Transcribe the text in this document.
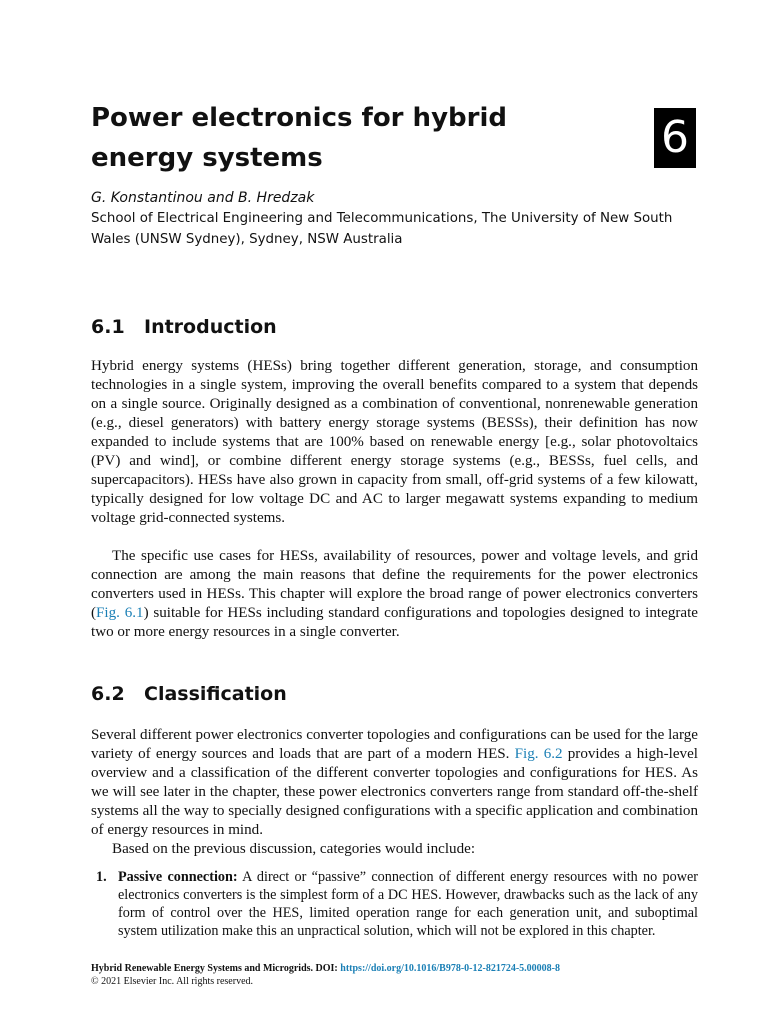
Power electronics for hybrid energy systems	6
G. Konstantinou and B. Hredzak
School of Electrical Engineering and Telecommunications, The University of New South Wales (UNSW Sydney), Sydney, NSW Australia
6.1 Introduction

Hybrid energy systems (HESs) bring together different generation, storage, and consumption technologies in a single system, improving the overall benefits compared to a system that depends on a single source. Originally designed as a combination of conventional, nonrenewable generation (e.g., diesel generators) with battery energy storage systems (BESSs), their definition has now expanded to include systems that are 100% based on renewable energy [e.g., solar photovoltaics (PV) and wind], or combine different energy storage systems (e.g., BESSs, fuel cells, and supercapacitors). HESs have also grown in capacity from small, off-grid systems of a few kilowatt, typically designed for low voltage DC and AC to larger megawatt systems expanding to medium voltage grid-connected systems.

The specific use cases for HESs, availability of resources, power and voltage levels, and grid connection are among the main reasons that define the requirements for the power electronics converters used in HESs. This chapter will explore the broad range of power electronics converters (Fig. 6.1) suitable for HESs including standard configurations and topologies designed to integrate two or more energy resources in a single converter.

6.2 Classification

Several different power electronics converter topologies and configurations can be used for the large variety of energy sources and loads that are part of a modern HES. Fig. 6.2 provides a high-level overview and a classification of the different converter topologies and configurations for HES. As we will see later in the chapter, these power electronics converters range from standard off-the-shelf systems all the way to specially designed configurations with a specific application and combination of energy resources in mind.

Based on the previous discussion, categories would include:

1. Passive connection: A direct or “passive” connection of different energy resources with no power electronics converters is the simplest form of a DC HES. However, drawbacks such as the lack of any form of control over the HES, limited operation range for each generation unit, and suboptimal system utilization make this an unpractical solution, which will not be explored in this chapter.
Hybrid Renewable Energy Systems and Microgrids. DOI: https://doi.org/10.1016/B978-0-12-821724-5.00008-8
© 2021 Elsevier Inc. All rights reserved.
